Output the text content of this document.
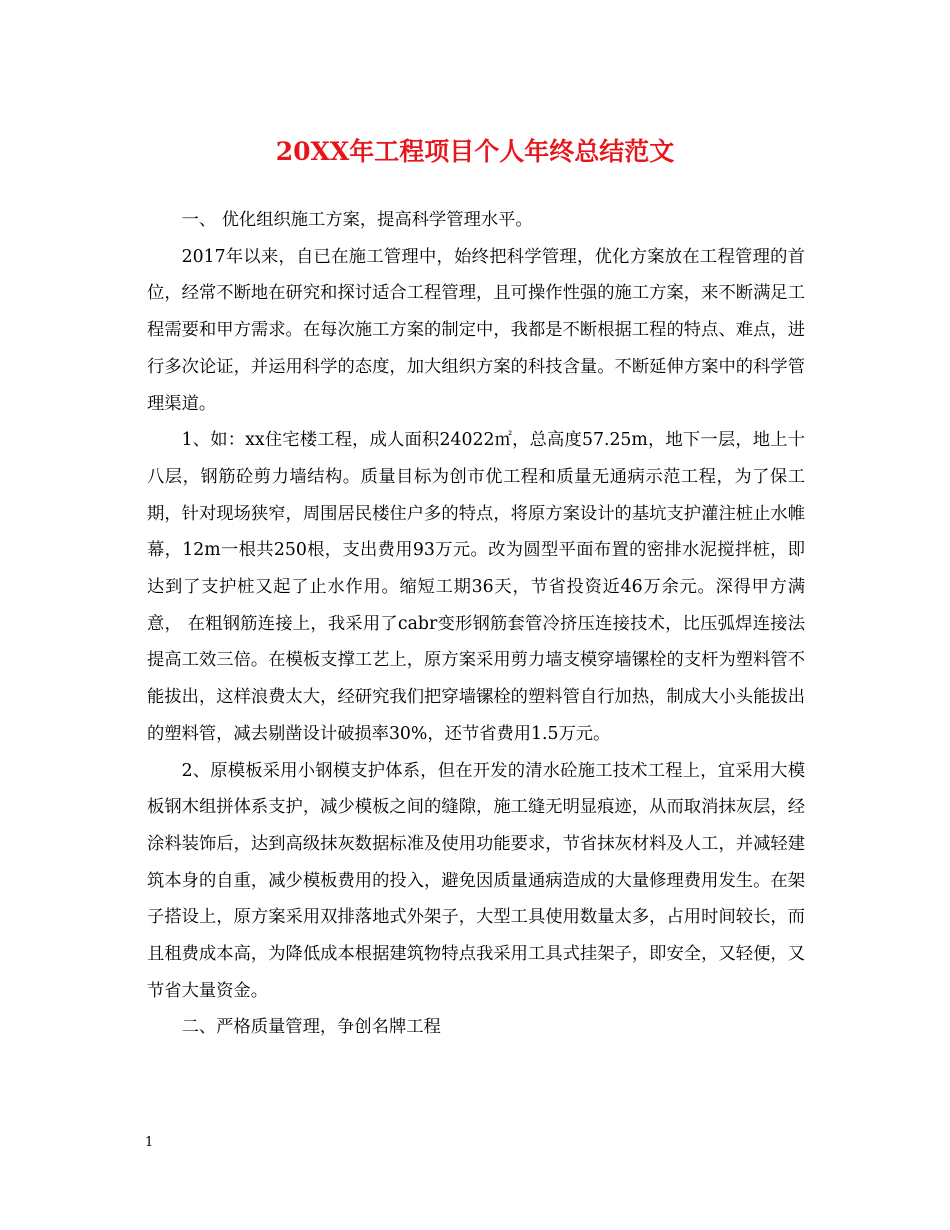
20XX年工程项目个人年终总结范文

一、 优化组织施工方案，提高科学管理水平。

2017年以来，自已在施工管理中，始终把科学管理，优化方案放在工程管理的首位，经常不断地在研究和探讨适合工程管理，且可操作性强的施工方案，来不断满足工程需要和甲方需求。在每次施工方案的制定中，我都是不断根据工程的特点、难点，进行多次论证，并运用科学的态度，加大组织方案的科技含量。不断延伸方案中的科学管理渠道。

1、如：xx住宅楼工程，成人面积24022㎡，总高度57.25m，地下一层，地上十八层，钢筋砼剪力墙结构。质量目标为创市优工程和质量无通病示范工程，为了保工期，针对现场狭窄，周围居民楼住户多的特点，将原方案设计的基坑支护灌注桩止水帷幕，12m一根共250根，支出费用93万元。改为圆型平面布置的密排水泥搅拌桩，即达到了支护桩又起了止水作用。缩短工期36天，节省投资近46万余元。深得甲方满意， 在粗钢筋连接上，我采用了cabr变形钢筋套管冷挤压连接技术，比压弧焊连接法提高工效三倍。在模板支撑工艺上，原方案采用剪力墙支模穿墙镙栓的支杆为塑料管不能拔出，这样浪费太大，经研究我们把穿墙镙栓的塑料管自行加热，制成大小头能拔出的塑料管，减去剔凿设计破损率30%，还节省费用1.5万元。

2、原模板采用小钢模支护体系，但在开发的清水砼施工技术工程上，宜采用大模板钢木组拼体系支护，减少模板之间的缝隙，施工缝无明显痕迹，从而取消抹灰层，经涂料装饰后，达到高级抹灰数据标准及使用功能要求，节省抹灰材料及人工，并减轻建筑本身的自重，减少模板费用的投入，避免因质量通病造成的大量修理费用发生。在架子搭设上，原方案采用双排落地式外架子，大型工具使用数量太多，占用时间较长，而且租费成本高，为降低成本根据建筑物特点我采用工具式挂架子，即安全，又轻便，又节省大量资金。

二、严格质量管理，争创名牌工程

1
